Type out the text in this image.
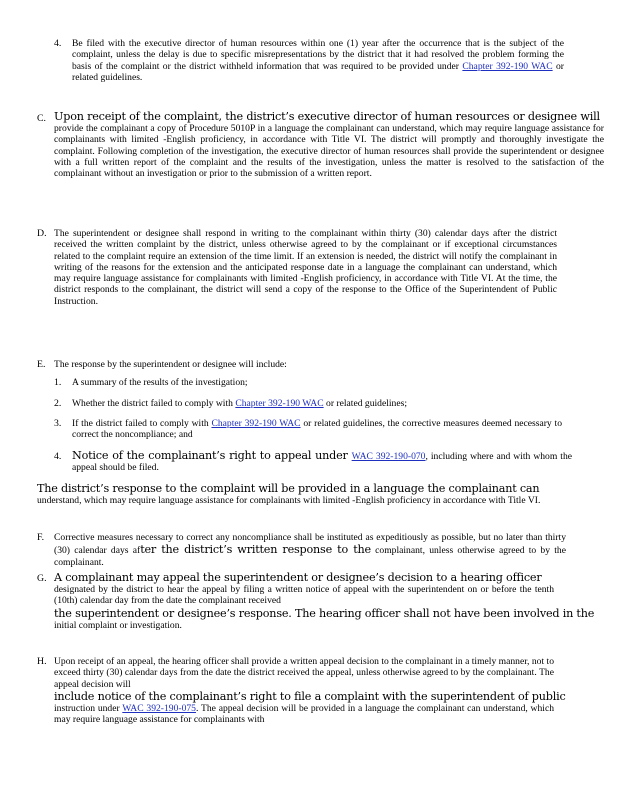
4. Be filed with the executive director of human resources within one (1) year after the occurrence that is the subject of the complaint, unless the delay is due to specific misrepresentations by the district that it had resolved the problem forming the basis of the complaint or the district withheld information that was required to be provided under Chapter 392-190 WAC or related guidelines.

C. Upon receipt of the complaint, the district’s executive director of human resources or designee will
provide the complainant a copy of Procedure 5010P in a language the complainant can understand, which may require language assistance for complainants with limited -English proficiency, in accordance with Title VI. The district will promptly and thoroughly investigate the complaint. Following completion of the investigation, the executive director of human resources shall provide the superintendent or designee with a full written report of the complaint and the results of the investigation, unless the matter is resolved to the satisfaction of the complainant without an investigation or prior to the submission of a written report.

D. The superintendent or designee shall respond in writing to the complainant within thirty (30) calendar days after the district received the written complaint by the district, unless otherwise agreed to by the complainant or if exceptional circumstances related to the complaint require an extension of the time limit. If an extension is needed, the district will notify the complainant in writing of the reasons for the extension and the anticipated response date in a language the complainant can understand, which may require language assistance for complainants with limited -English proficiency, in accordance with Title VI. At the time, the district responds to the complainant, the district will send a copy of the response to the Office of the Superintendent of Public Instruction.

E. The response by the superintendent or designee will include:

1. A summary of the results of the investigation;

2. Whether the district failed to comply with Chapter 392-190 WAC or related guidelines;

3. If the district failed to comply with Chapter 392-190 WAC or related guidelines, the corrective measures deemed necessary to correct the noncompliance; and

4. Notice of the complainant’s right to appeal under WAC 392-190-070, including where and with whom the appeal should be filed.

The district’s response to the complaint will be provided in a language the complainant can
understand, which may require language assistance for complainants with limited -English proficiency in accordance with Title VI.

F. Corrective measures necessary to correct any noncompliance shall be instituted as expeditiously as possible, but no later than thirty (30) calendar days after the district’s written response to the complainant, unless otherwise agreed to by the complainant.

G. A complainant may appeal the superintendent or designee’s decision to a hearing officer
designated by the district to hear the appeal by filing a written notice of appeal with the superintendent on or before the tenth (10th) calendar day from the date the complainant received
the superintendent or designee’s response. The hearing officer shall not have been involved in the
initial complaint or investigation.

H. Upon receipt of an appeal, the hearing officer shall provide a written appeal decision to the complainant in a timely manner, not to exceed thirty (30) calendar days from the date the district received the appeal, unless otherwise agreed to by the complainant. The appeal decision will
include notice of the complainant’s right to file a complaint with the superintendent of public
instruction under WAC 392-190-075. The appeal decision will be provided in a language the complainant can understand, which may require language assistance for complainants with
